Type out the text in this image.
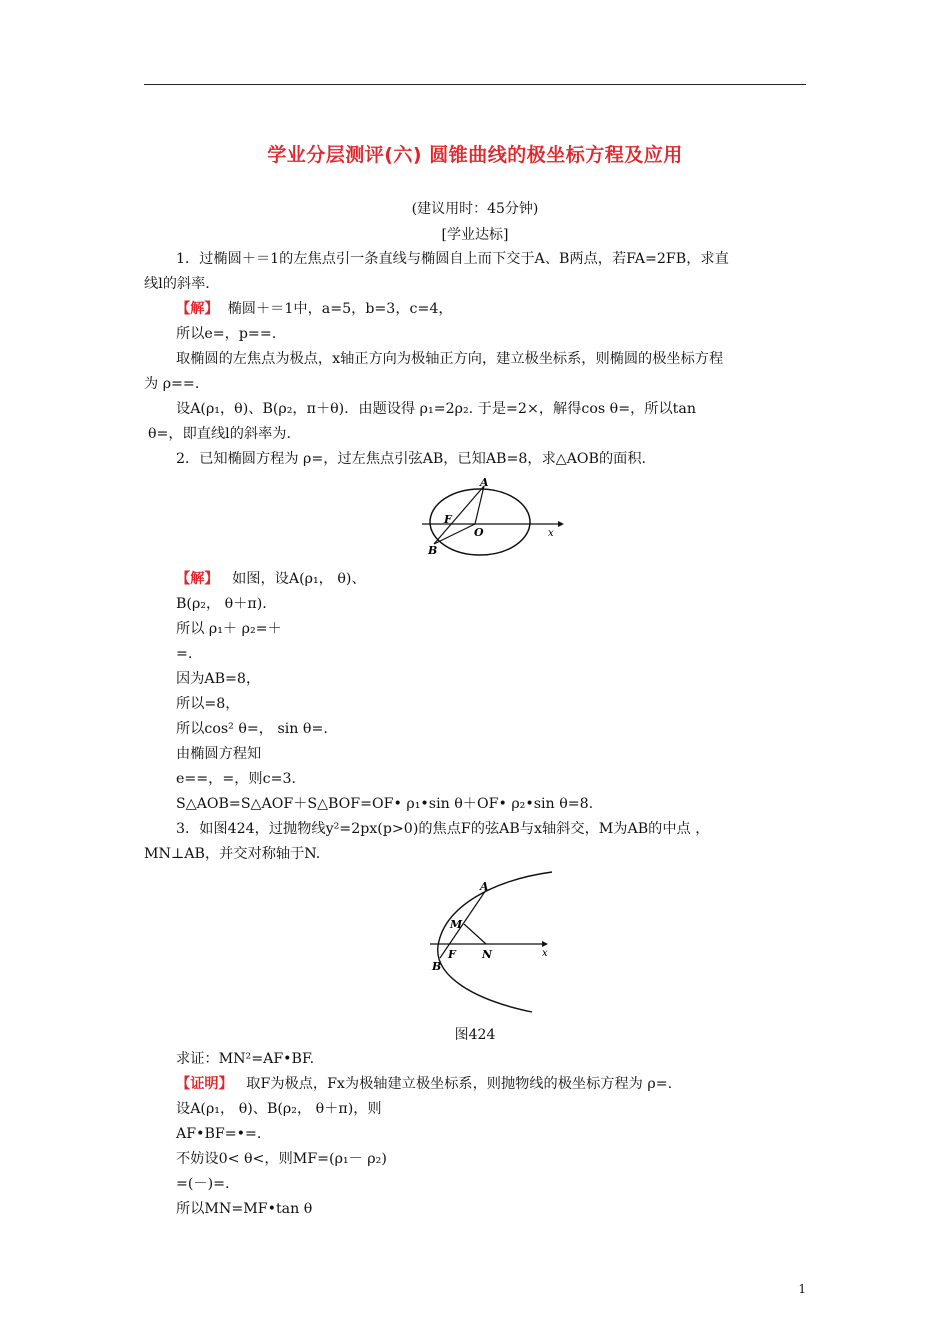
学业分层测评(六) 圆锥曲线的极坐标方程及应用
(建议用时：45分钟)
[学业达标]
1．过椭圆＋＝1的左焦点引一条直线与椭圆自上而下交于A、B两点，若FA=2FB，求直
线l的斜率.
【解】 椭圆＋＝1中，a=5，b=3，c=4，
所以e=，p==.
取椭圆的左焦点为极点，x轴正方向为极轴正方向，建立极坐标系，则椭圆的极坐标方程
为 ρ==.
设A(ρ₁，θ)、B(ρ₂，π＋θ)．由题设得 ρ₁=2ρ₂. 于是=2×，解得cos θ=，所以tan
θ=，即直线l的斜率为.
2．已知椭圆方程为 ρ=，过左焦点引弦AB，已知AB=8，求△AOB的面积.
A
B
F
O	x
【解】 如图，设A(ρ₁， θ)、
B(ρ₂， θ＋π).
所以 ρ₁＋ ρ₂=＋
=.
因为AB=8，
所以=8，
所以cos² θ=， sin θ=.
由椭圆方程知
e==，=，则c=3.
S△AOB=S△AOF＋S△BOF=OF• ρ₁•sin θ＋OF• ρ₂•sin θ=8.
3．如图424，过抛物线y²=2px(p>0)的焦点F的弦AB与x轴斜交，M为AB的中点 ，
MN⊥AB，并交对称轴于N.
A
B
M
F N	x
图424
求证：MN²=AF•BF.
【证明】 取F为极点，Fx为极轴建立极坐标系，则抛物线的极坐标方程为 ρ=.
设A(ρ₁， θ)、B(ρ₂， θ＋π)，则
AF•BF=•=.
不妨设0< θ<，则MF=(ρ₁－ ρ₂)
=(－)=.
所以MN=MF•tan θ
1
